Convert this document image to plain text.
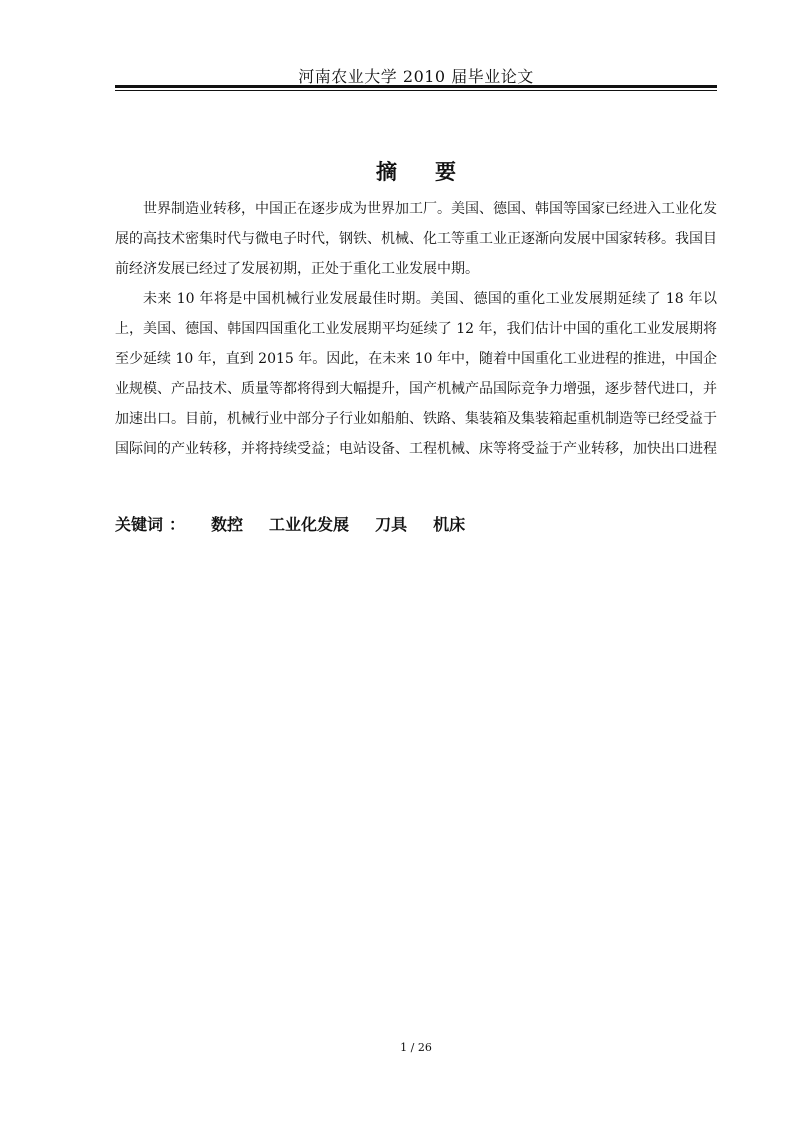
河南农业大学 2010 届毕业论文
摘要

世界制造业转移，中国正在逐步成为世界加工厂。美国、德国、韩国等国家已经进入工业化发展的高技术密集时代与微电子时代，钢铁、机械、化工等重工业正逐渐向发展中国家转移。我国目前经济发展已经过了发展初期，正处于重化工业发展中期。

未来 10 年将是中国机械行业发展最佳时期。美国、德国的重化工业发展期延续了 18 年以上，美国、德国、韩国四国重化工业发展期平均延续了 12 年，我们估计中国的重化工业发展期将至少延续 10 年，直到 2015 年。因此，在未来 10 年中，随着中国重化工业进程的推进，中国企业规模、产品技术、质量等都将得到大幅提升，国产机械产品国际竞争力增强，逐步替代进口，并加速出口。目前，机械行业中部分子行业如船舶、铁路、集装箱及集装箱起重机制造等已经受益于国际间的产业转移，并将持续受益；电站设备、工程机械、床等将受益于产业转移，加快出口进程

关键词 ： 数控 工业化发展 刀具 机床
1 / 26
